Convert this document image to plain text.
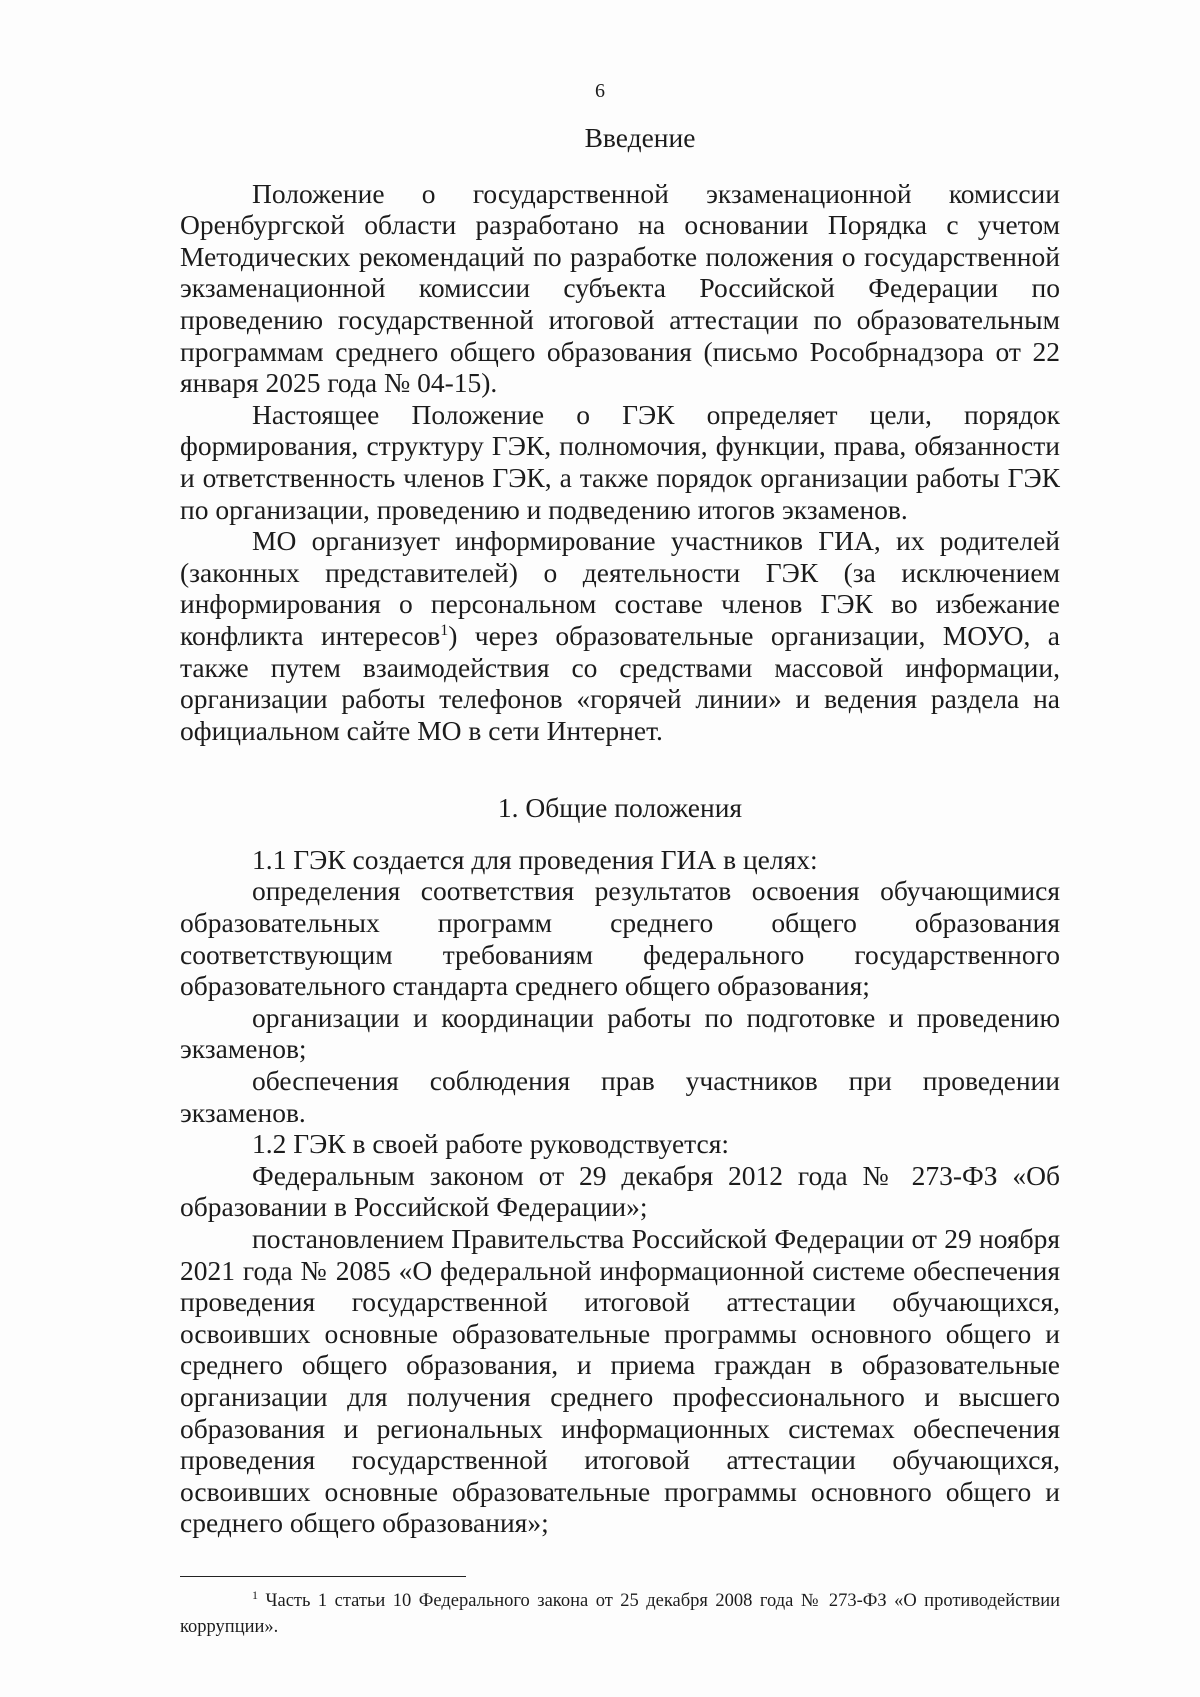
6
Введение

Положение о государственной экзаменационной комиссии Оренбургской области разработано на основании Порядка с учетом Методических рекомендаций по разработке положения о государственной экзаменационной комиссии субъекта Российской Федерации по проведению государственной итоговой аттестации по образовательным программам среднего общего образования (письмо Рособрнадзора от 22 января 2025 года № 04-15).

Настоящее Положение о ГЭК определяет цели, порядок формирования, структуру ГЭК, полномочия, функции, права, обязанности и ответственность членов ГЭК, а также порядок организации работы ГЭК по организации, проведению и подведению итогов экзаменов.

МО организует информирование участников ГИА, их родителей (законных представителей) о деятельности ГЭК (за исключением информирования о персональном составе членов ГЭК во избежание конфликта интересов$^1$) через образовательные организации, МОУО, а также путем взаимодействия со средствами массовой информации, организации работы телефонов «горячей линии» и ведения раздела на официальном сайте МО в сети Интернет.

1. Общие положения

1.1 ГЭК создается для проведения ГИА в целях:

определения соответствия результатов освоения обучающимися образовательных программ среднего общего образования соответствующим требованиям федерального государственного образовательного стандарта среднего общего образования;

организации и координации работы по подготовке и проведению экзаменов;

обеспечения соблюдения прав участников при проведении экзаменов.

1.2 ГЭК в своей работе руководствуется:

Федеральным законом от 29 декабря 2012 года № 273-ФЗ «Об образовании в Российской Федерации»;

постановлением Правительства Российской Федерации от 29 ноября 2021 года № 2085 «О федеральной информационной системе обеспечения проведения государственной итоговой аттестации обучающихся, освоивших основные образовательные программы основного общего и среднего общего образования, и приема граждан в образовательные организации для получения среднего профессионального и высшего образования и региональных информационных системах обеспечения проведения государственной итоговой аттестации обучающихся, освоивших основные образовательные программы основного общего и среднего общего образования»;

$^1$ Часть 1 статьи 10 Федерального закона от 25 декабря 2008 года № 273-ФЗ «О противодействии коррупции».
